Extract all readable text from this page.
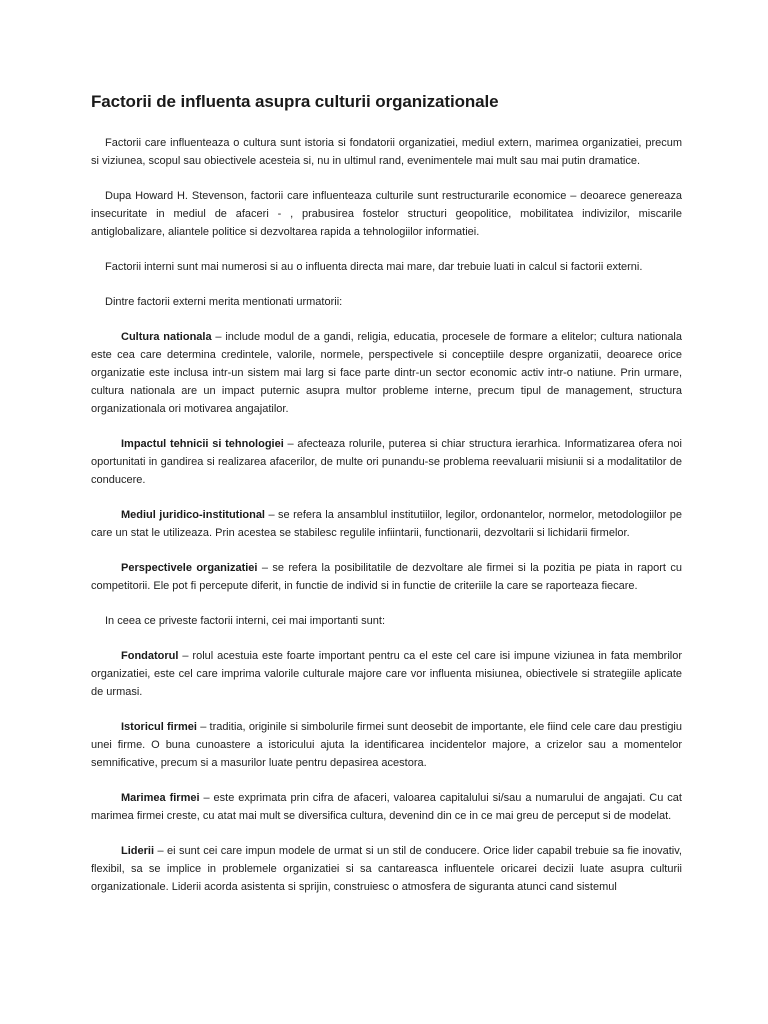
Factorii de influenta asupra culturii organizationale

Factorii care influenteaza o cultura sunt istoria si fondatorii organizatiei, mediul extern, marimea organizatiei, precum si viziunea, scopul sau obiectivele acesteia si, nu in ultimul rand, evenimentele mai mult sau mai putin dramatice.

Dupa Howard H. Stevenson, factorii care influenteaza culturile sunt restructurarile economice – deoarece genereaza insecuritate in mediul de afaceri - , prabusirea fostelor structuri geopolitice, mobilitatea indivizilor, miscarile antiglobalizare, aliantele politice si dezvoltarea rapida a tehnologiilor informatiei.

Factorii interni sunt mai numerosi si au o influenta directa mai mare, dar trebuie luati in calcul si factorii externi.

Dintre factorii externi merita mentionati urmatorii:

Cultura nationala – include modul de a gandi, religia, educatia, procesele de formare a elitelor; cultura nationala este cea care determina credintele, valorile, normele, perspectivele si conceptiile despre organizatii, deoarece orice organizatie este inclusa intr-un sistem mai larg si face parte dintr-un sector economic activ intr-o natiune. Prin urmare, cultura nationala are un impact puternic asupra multor probleme interne, precum tipul de management, structura organizationala ori motivarea angajatilor.

Impactul tehnicii si tehnologiei – afecteaza rolurile, puterea si chiar structura ierarhica. Informatizarea ofera noi oportunitati in gandirea si realizarea afacerilor, de multe ori punandu-se problema reevaluarii misiunii si a modalitatilor de conducere.

Mediul juridico-institutional – se refera la ansamblul institutiilor, legilor, ordonantelor, normelor, metodologiilor pe care un stat le utilizeaza. Prin acestea se stabilesc regulile infiintarii, functionarii, dezvoltarii si lichidarii firmelor.

Perspectivele organizatiei – se refera la posibilitatile de dezvoltare ale firmei si la pozitia pe piata in raport cu competitorii. Ele pot fi percepute diferit, in functie de individ si in functie de criteriile la care se raporteaza fiecare.

In ceea ce priveste factorii interni, cei mai importanti sunt:

Fondatorul – rolul acestuia este foarte important pentru ca el este cel care isi impune viziunea in fata membrilor organizatiei, este cel care imprima valorile culturale majore care vor influenta misiunea, obiectivele si strategiile aplicate de urmasi.

Istoricul firmei – traditia, originile si simbolurile firmei sunt deosebit de importante, ele fiind cele care dau prestigiu unei firme. O buna cunoastere a istoricului ajuta la identificarea incidentelor majore, a crizelor sau a momentelor semnificative, precum si a masurilor luate pentru depasirea acestora.

Marimea firmei – este exprimata prin cifra de afaceri, valoarea capitalului si/sau a numarului de angajati. Cu cat marimea firmei creste, cu atat mai mult se diversifica cultura, devenind din ce in ce mai greu de perceput si de modelat.

Liderii – ei sunt cei care impun modele de urmat si un stil de conducere. Orice lider capabil trebuie sa fie inovativ, flexibil, sa se implice in problemele organizatiei si sa cantareasca influentele oricarei decizii luate asupra culturii organizationale. Liderii acorda asistenta si sprijin, construiesc o atmosfera de siguranta atunci cand sistemul
